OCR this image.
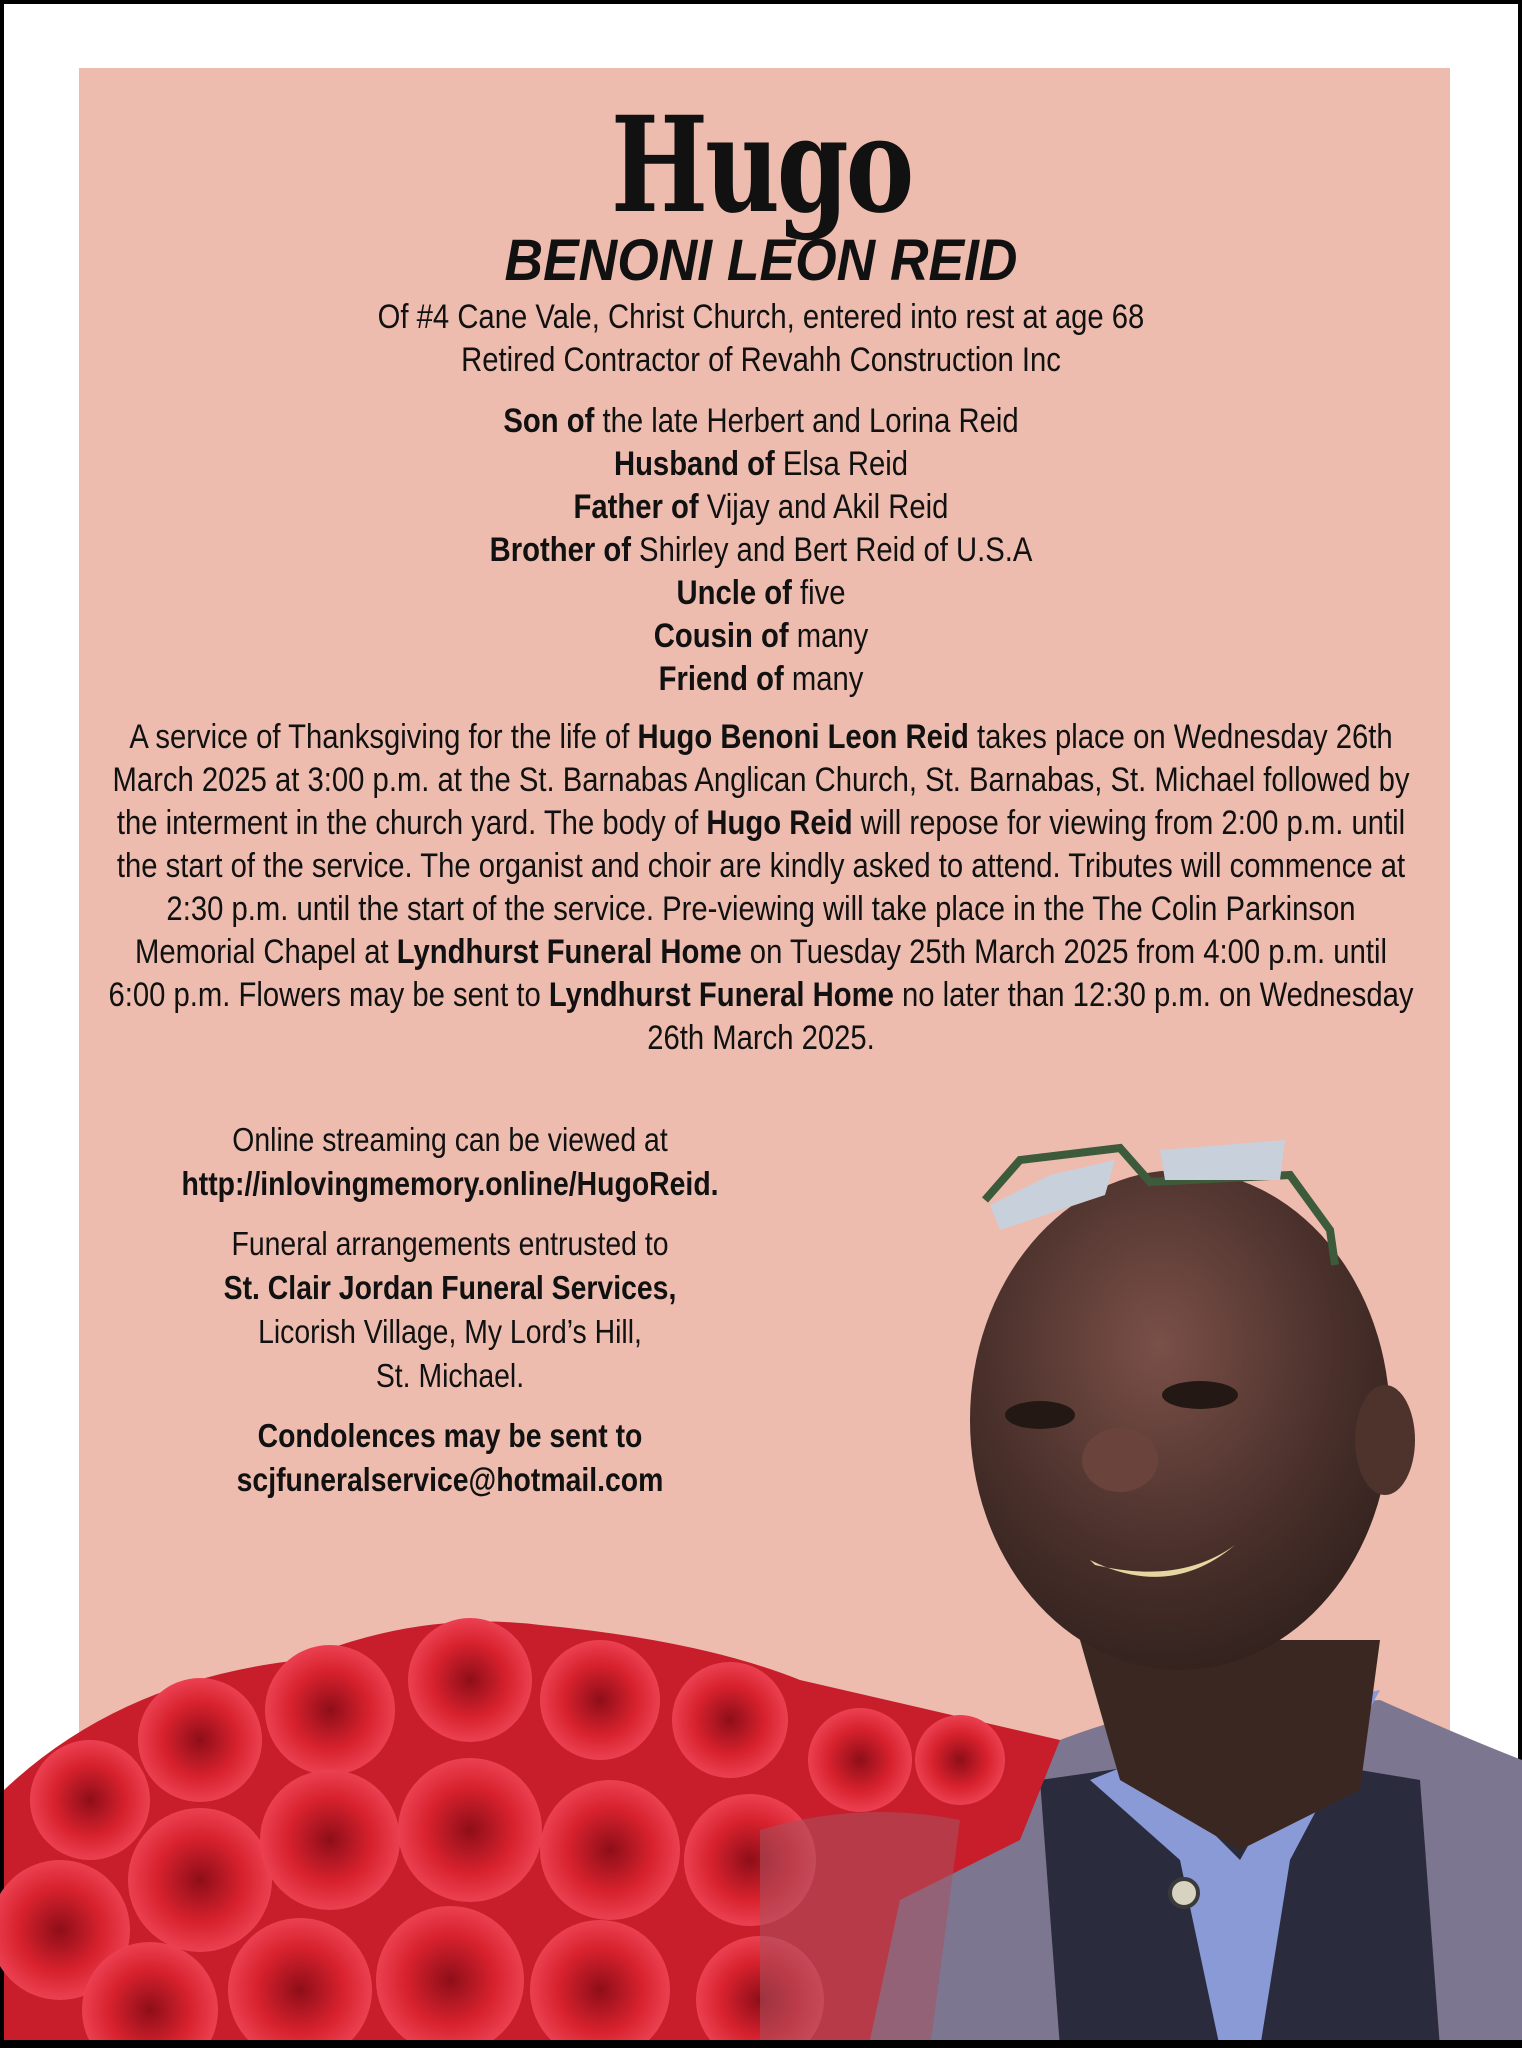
Hugo
BENONI LEON REID
Of #4 Cane Vale, Christ Church, entered into rest at age 68
Retired Contractor of Revahh Construction Inc
Son of the late Herbert and Lorina Reid
Husband of Elsa Reid
Father of Vijay and Akil Reid
Brother of Shirley and Bert Reid of U.S.A
Uncle of five
Cousin of many
Friend of many
A service of Thanksgiving for the life of Hugo Benoni Leon Reid takes place on Wednesday 26th March 2025 at 3:00 p.m. at the St. Barnabas Anglican Church, St. Barnabas, St. Michael followed by the interment in the church yard. The body of Hugo Reid will repose for viewing from 2:00 p.m. until the start of the service. The organist and choir are kindly asked to attend. Tributes will commence at 2:30 p.m. until the start of the service. Pre-viewing will take place in the The Colin Parkinson Memorial Chapel at Lyndhurst Funeral Home on Tuesday 25th March 2025 from 4:00 p.m. until 6:00 p.m. Flowers may be sent to Lyndhurst Funeral Home no later than 12:30 p.m. on Wednesday 26th March 2025.
Online streaming can be viewed at
http://inlovingmemory.online/HugoReid.
Funeral arrangements entrusted to
St. Clair Jordan Funeral Services,
Licorish Village, My Lord’s Hill,
St. Michael.
Condolences may be sent to
scjfuneralservice@hotmail.com
